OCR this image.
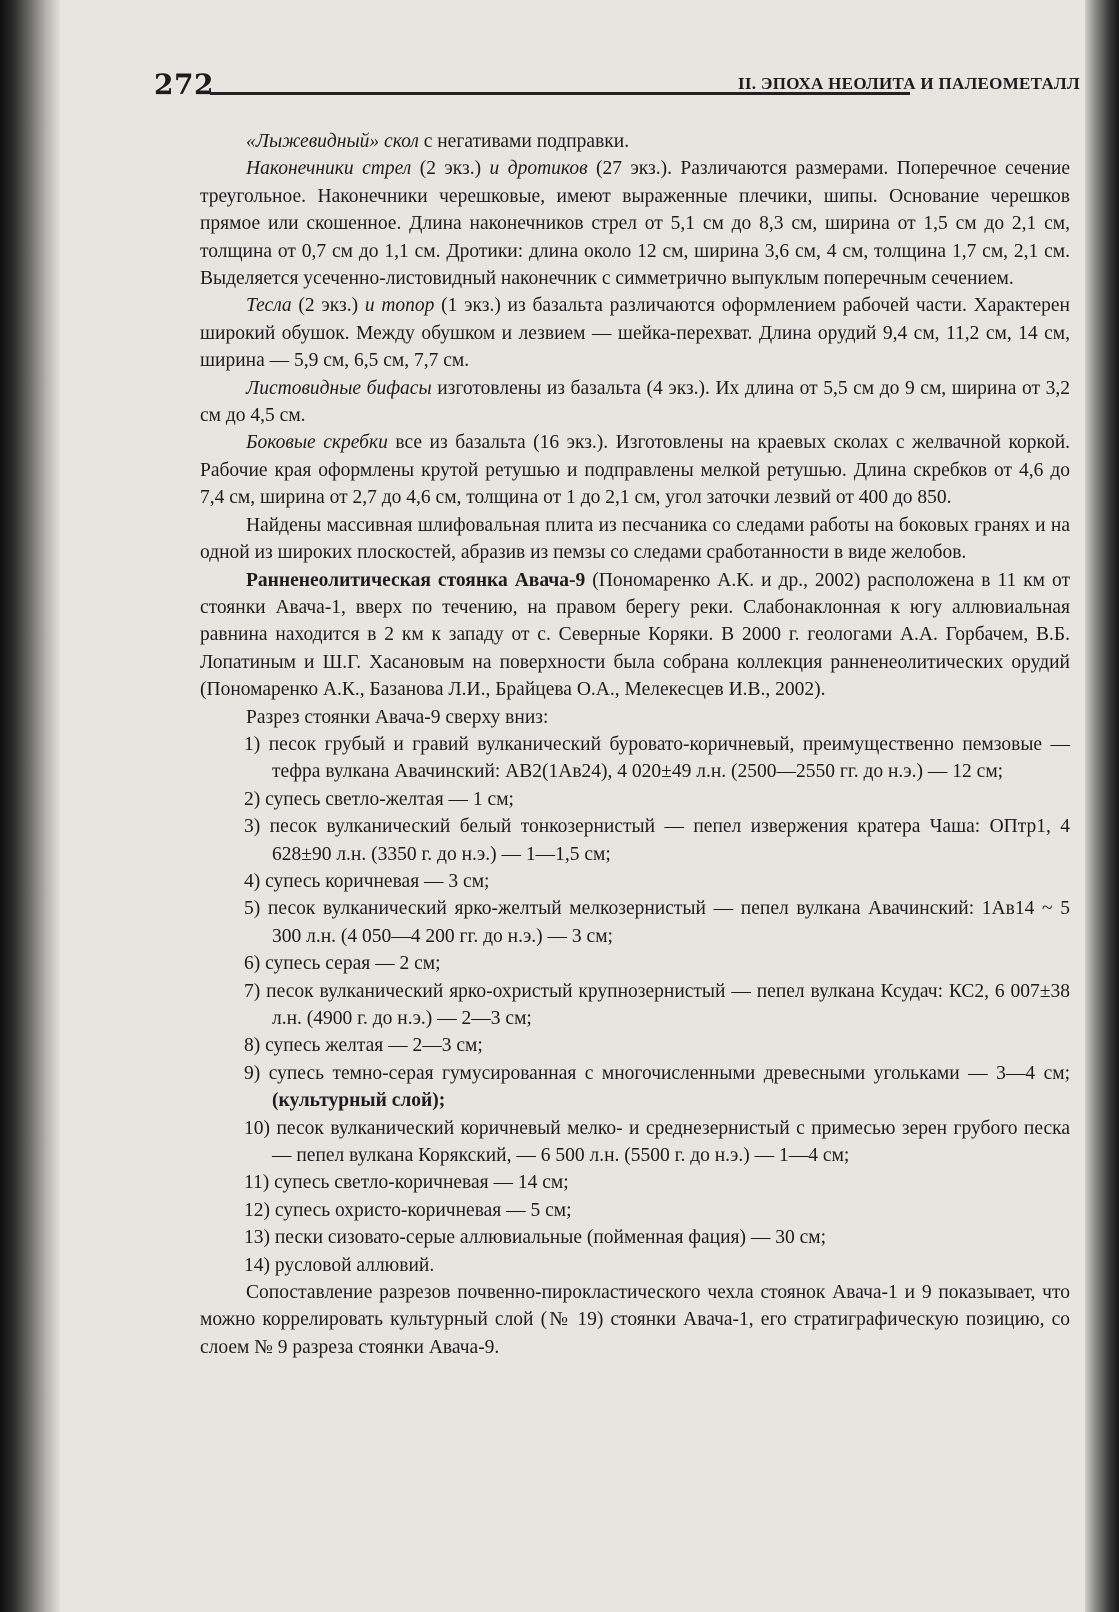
272	II. ЭПОХА НЕОЛИТА И ПАЛЕОМЕТАЛЛ

«Лыжевидный» скол с негативами подправки.

Наконечники стрел (2 экз.) и дротиков (27 экз.). Различаются размерами. Поперечное сечение треугольное. Наконечники черешковые, имеют выраженные плечики, шипы. Основание черешков прямое или скошенное. Длина наконечников стрел от 5,1 см до 8,3 см, ширина от 1,5 см до 2,1 см, толщина от 0,7 см до 1,1 см. Дротики: длина около 12 см, ширина 3,6 см, 4 см, толщина 1,7 см, 2,1 см. Выделяется усеченно-листовидный наконечник с симметрично выпуклым поперечным сечением.

Тесла (2 экз.) и топор (1 экз.) из базальта различаются оформлением рабочей части. Характерен широкий обушок. Между обушком и лезвием — шейка-перехват. Длина орудий 9,4 см, 11,2 см, 14 см, ширина — 5,9 см, 6,5 см, 7,7 см.

Листовидные бифасы изготовлены из базальта (4 экз.). Их длина от 5,5 см до 9 см, ширина от 3,2 см до 4,5 см.

Боковые скребки все из базальта (16 экз.). Изготовлены на краевых сколах с желвачной коркой. Рабочие края оформлены крутой ретушью и подправлены мелкой ретушью. Длина скребков от 4,6 до 7,4 см, ширина от 2,7 до 4,6 см, толщина от 1 до 2,1 см, угол заточки лезвий от 400 до 850.

Найдены массивная шлифовальная плита из песчаника со следами работы на боковых гранях и на одной из широких плоскостей, абразив из пемзы со следами сработанности в виде желобов.

Ранненеолитическая стоянка Авача-9 (Пономаренко А.К. и др., 2002) расположена в 11 км от стоянки Авача-1, вверх по течению, на правом берегу реки. Слабонаклонная к югу аллювиальная равнина находится в 2 км к западу от с. Северные Коряки. В 2000 г. геологами А.А. Горбачем, В.Б. Лопатиным и Ш.Г. Хасановым на поверхности была собрана коллекция ранненеолитических орудий (Пономаренко А.К., Базанова Л.И., Брайцева О.А., Мелекесцев И.В., 2002).

Разрез стоянки Авача-9 сверху вниз:

1) песок грубый и гравий вулканический буровато-коричневый, преимущественно пемзовые — тефра вулкана Авачинский: АВ2(1Ав24), 4 020±49 л.н. (2500—2550 гг. до н.э.) — 12 см;
2) супесь светло-желтая — 1 см;
3) песок вулканический белый тонкозернистый — пепел извержения кратера Чаша: ОПтр1, 4 628±90 л.н. (3350 г. до н.э.) — 1—1,5 см;
4) супесь коричневая — 3 см;
5) песок вулканический ярко-желтый мелкозернистый — пепел вулкана Авачинский: 1Ав14 ~ 5 300 л.н. (4 050—4 200 гг. до н.э.) — 3 см;
6) супесь серая — 2 см;
7) песок вулканический ярко-охристый крупнозернистый — пепел вулкана Ксудач: КС2, 6 007±38 л.н. (4900 г. до н.э.) — 2—3 см;
8) супесь желтая — 2—3 см;
9) супесь темно-серая гумусированная с многочисленными древесными угольками — 3—4 см; (культурный слой);
10) песок вулканический коричневый мелко- и среднезернистый с примесью зерен грубого песка — пепел вулкана Корякский, — 6 500 л.н. (5500 г. до н.э.) — 1—4 см;
11) супесь светло-коричневая — 14 см;
12) супесь охристо-коричневая — 5 см;
13) пески сизовато-серые аллювиальные (пойменная фация) — 30 см;
14) русловой аллювий.

Сопоставление разрезов почвенно-пирокластического чехла стоянок Авача-1 и 9 показывает, что можно коррелировать культурный слой (№ 19) стоянки Авача-1, его стратиграфическую позицию, со слоем № 9 разреза стоянки Авача-9.
